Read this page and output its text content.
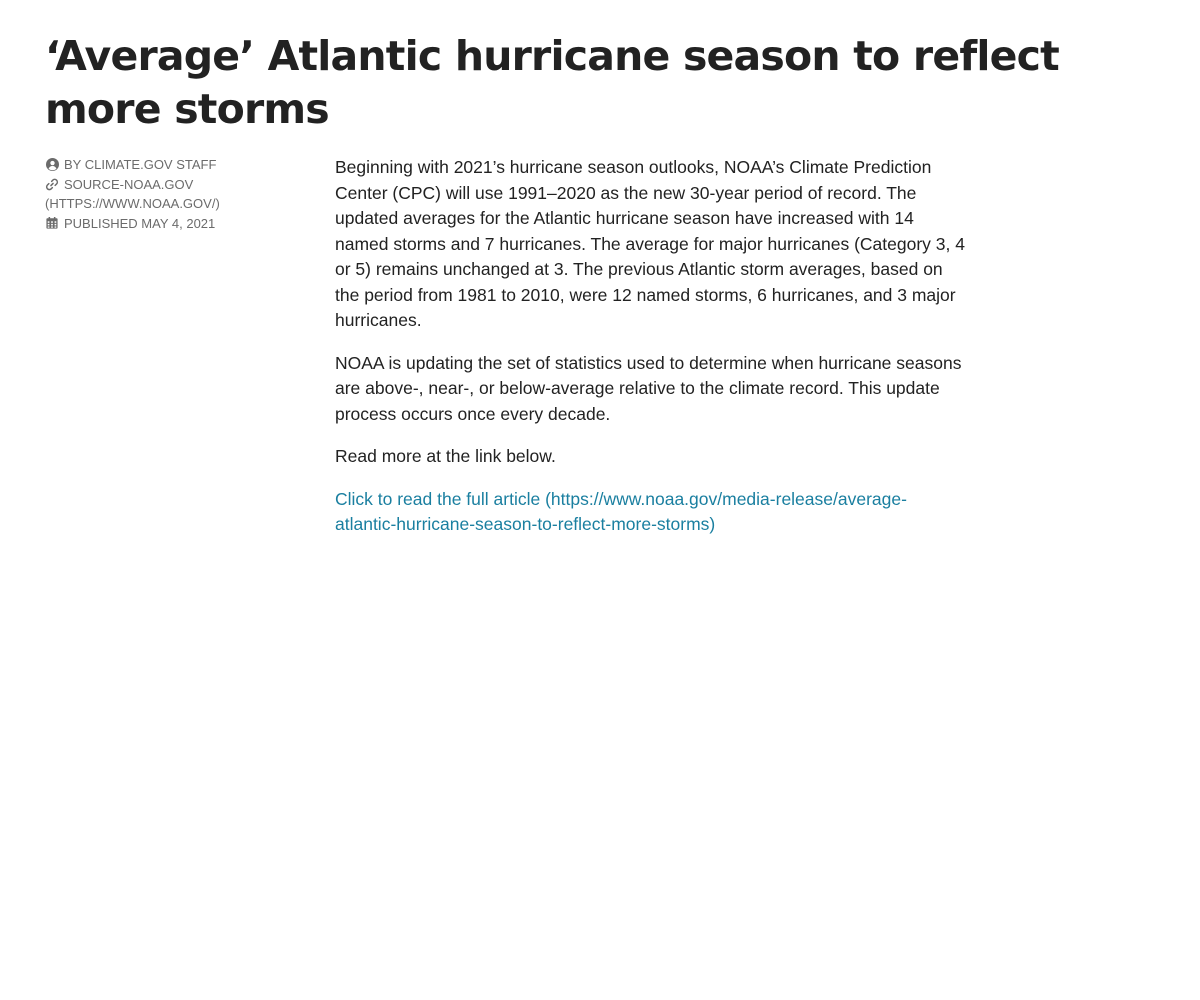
‘Average’ Atlantic hurricane season to reflect more storms
BY CLIMATE.GOV STAFF
SOURCE-NOAA.GOV
(HTTPS://WWW.NOAA.GOV/)
PUBLISHED MAY 4, 2021

Beginning with 2021’s hurricane season outlooks, NOAA’s Climate Prediction Center (CPC) will use 1991–2020 as the new 30-year period of record. The updated averages for the Atlantic hurricane season have increased with 14 named storms and 7 hurricanes. The average for major hurricanes (Category 3, 4 or 5) remains unchanged at 3. The previous Atlantic storm averages, based on the period from 1981 to 2010, were 12 named storms, 6 hurricanes, and 3 major hurricanes.

NOAA is updating the set of statistics used to determine when hurricane seasons are above-, near-, or below-average relative to the climate record. This update process occurs once every decade.

Read more at the link below.

Click to read the full article (https://www.noaa.gov/media-release/average-atlantic-hurricane-season-to-reflect-more-storms)
